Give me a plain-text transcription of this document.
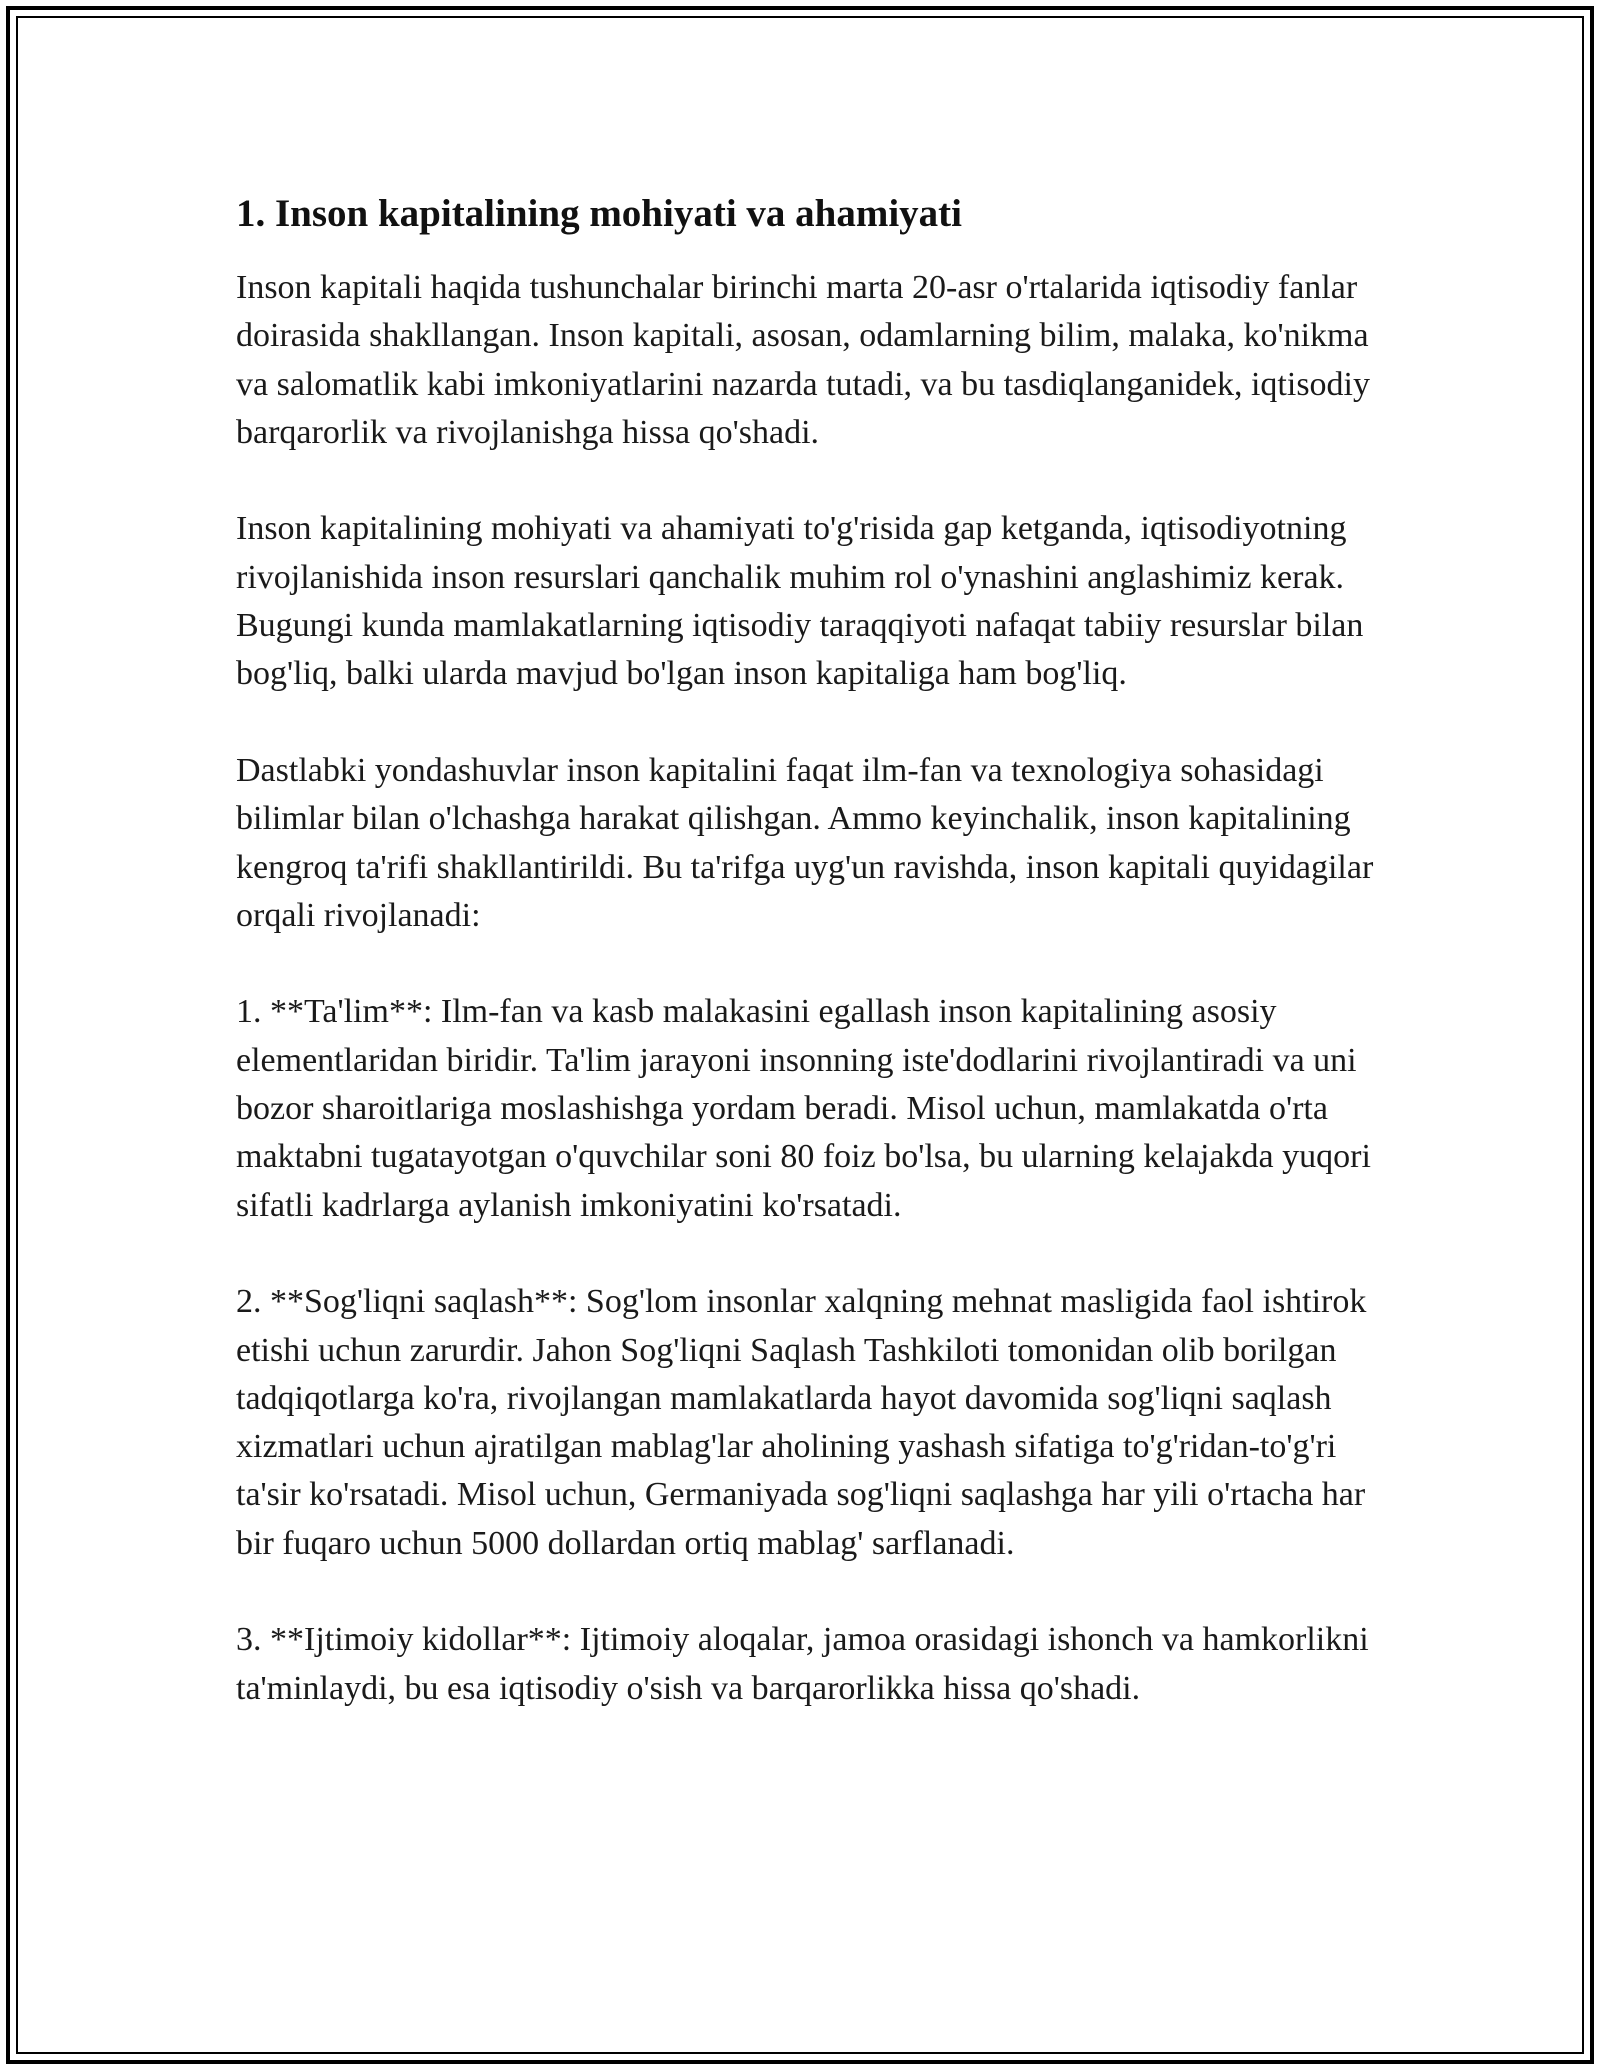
1. Inson kapitalining mohiyati va ahamiyati

Inson kapitali haqida tushunchalar birinchi marta 20-asr o'rtalarida iqtisodiy fanlar doirasida shakllangan. Inson kapitali, asosan, odamlarning bilim, malaka, ko'nikma va salomatlik kabi imkoniyatlarini nazarda tutadi, va bu tasdiqlanganidek, iqtisodiy barqarorlik va rivojlanishga hissa qo'shadi.

Inson kapitalining mohiyati va ahamiyati to'g'risida gap ketganda, iqtisodiyotning rivojlanishida inson resurslari qanchalik muhim rol o'ynashini anglashimiz kerak. Bugungi kunda mamlakatlarning iqtisodiy taraqqiyoti nafaqat tabiiy resurslar bilan bog'liq, balki ularda mavjud bo'lgan inson kapitaliga ham bog'liq.

Dastlabki yondashuvlar inson kapitalini faqat ilm-fan va texnologiya sohasidagi bilimlar bilan o'lchashga harakat qilishgan. Ammo keyinchalik, inson kapitalining kengroq ta'rifi shakllantirildi. Bu ta'rifga uyg'un ravishda, inson kapitali quyidagilar orqali rivojlanadi:

1. **Ta'lim**: Ilm-fan va kasb malakasini egallash inson kapitalining asosiy elementlaridan biridir. Ta'lim jarayoni insonning iste'dodlarini rivojlantiradi va uni bozor sharoitlariga moslashishga yordam beradi. Misol uchun, mamlakatda o'rta maktabni tugatayotgan o'quvchilar soni 80 foiz bo'lsa, bu ularning kelajakda yuqori sifatli kadrlarga aylanish imkoniyatini ko'rsatadi.

2. **Sog'liqni saqlash**: Sog'lom insonlar xalqning mehnat masligida faol ishtirok etishi uchun zarurdir. Jahon Sog'liqni Saqlash Tashkiloti tomonidan olib borilgan tadqiqotlarga ko'ra, rivojlangan mamlakatlarda hayot davomida sog'liqni saqlash xizmatlari uchun ajratilgan mablag'lar aholining yashash sifatiga to'g'ridan-to'g'ri ta'sir ko'rsatadi. Misol uchun, Germaniyada sog'liqni saqlashga har yili o'rtacha har bir fuqaro uchun 5000 dollardan ortiq mablag' sarflanadi.

3. **Ijtimoiy kidollar**: Ijtimoiy aloqalar, jamoa orasidagi ishonch va hamkorlikni ta'minlaydi, bu esa iqtisodiy o'sish va barqarorlikka hissa qo'shadi.
